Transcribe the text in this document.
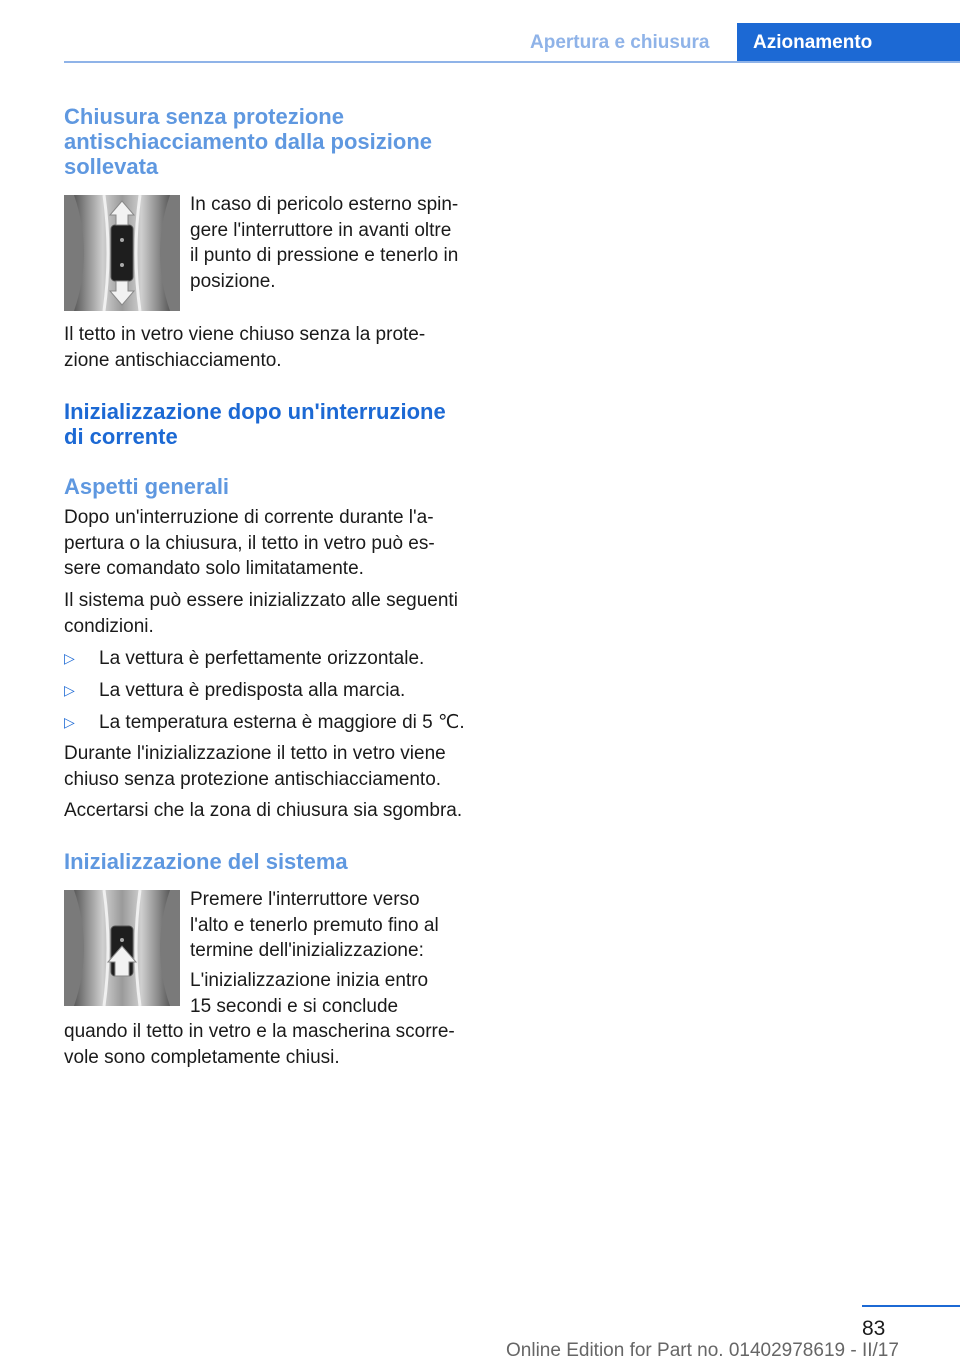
Apertura e chiusura Azionamento
Chiusura senza protezione
antischiacciamento dalla posizione
sollevata
In caso di pericolo esterno spin-
gere l'interruttore in avanti oltre
il punto di pressione e tenerlo in
posizione.
Il tetto in vetro viene chiuso senza la prote-
zione antischiacciamento.
Inizializzazione dopo un'interruzione
di corrente
Aspetti generali
Dopo un'interruzione di corrente durante l'a-
pertura o la chiusura, il tetto in vetro può es-
sere comandato solo limitatamente.
Il sistema può essere inizializzato alle seguenti
condizioni.
▷ La vettura è perfettamente orizzontale.
▷ La vettura è predisposta alla marcia.
▷ La temperatura esterna è maggiore di 5 ℃.
Durante l'inizializzazione il tetto in vetro viene
chiuso senza protezione antischiacciamento.
Accertarsi che la zona di chiusura sia sgombra.
Inizializzazione del sistema
Premere l'interruttore verso
l'alto e tenerlo premuto fino al
termine dell'inizializzazione:
L'inizializzazione inizia entro
15 secondi e si conclude
quando il tetto in vetro e la mascherina scorre-
vole sono completamente chiusi.
83
Online Edition for Part no. 01402978619 - II/17
